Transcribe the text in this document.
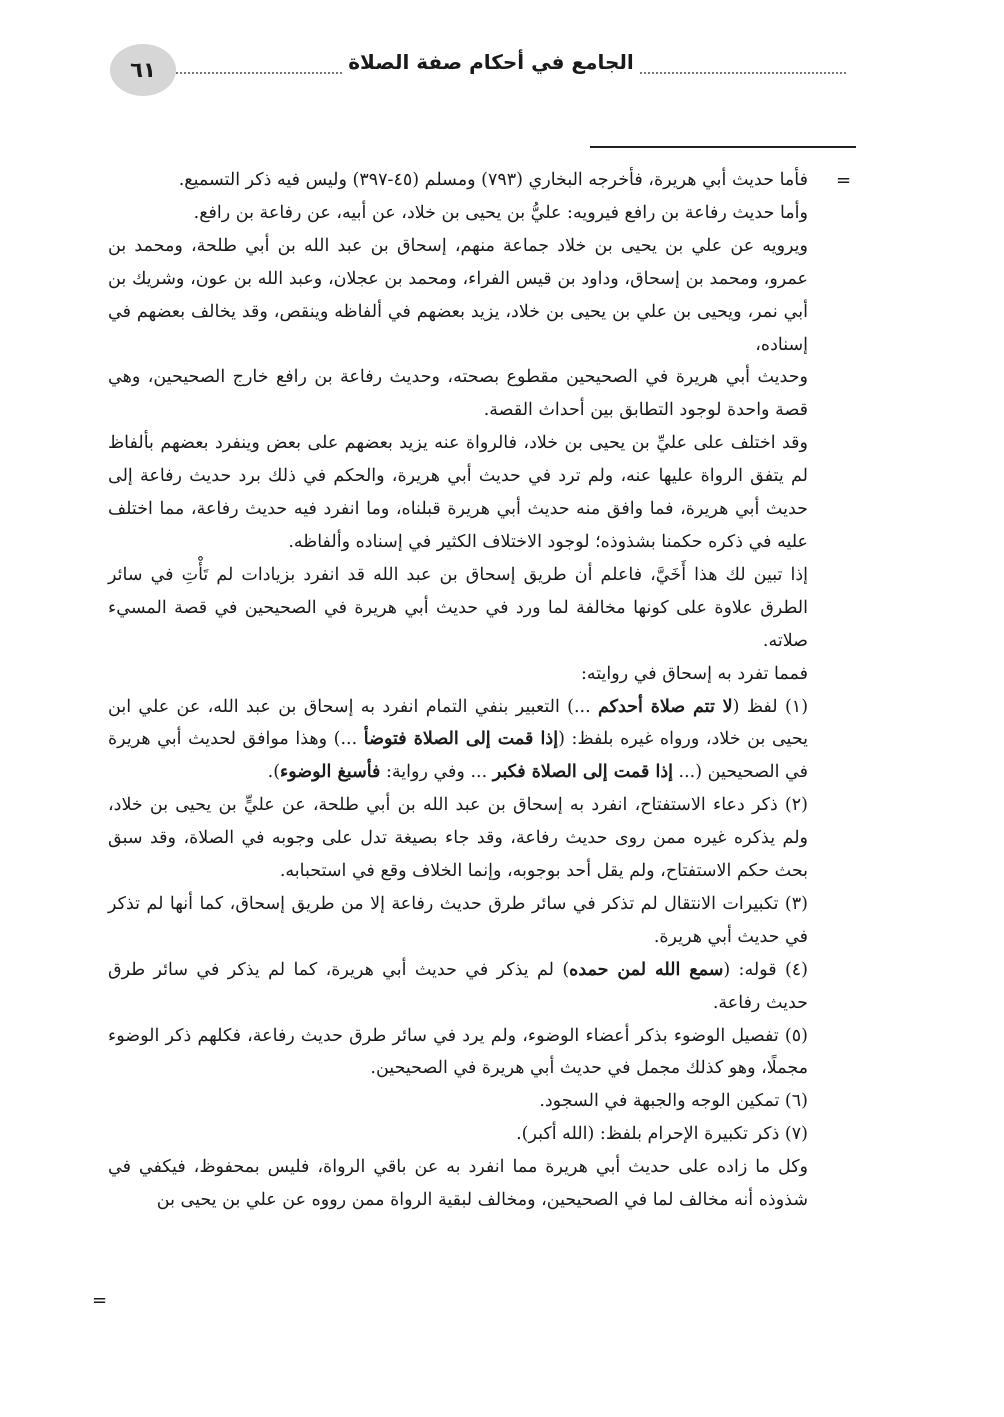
٦١	الجامع في أحكام صفة الصلاة
=

فأما حديث أبي هريرة، فأخرجه البخاري (٧٩٣) ومسلم (٤٥-٣٩٧) وليس فيه ذكر التسميع.

وأما حديث رفاعة بن رافع فيرويه: عليُّ بن يحيى بن خلاد، عن أبيه، عن رفاعة بن رافع.

ويرويه عن علي بن يحيى بن خلاد جماعة منهم، إسحاق بن عبد الله بن أبي طلحة، ومحمد بن عمرو، ومحمد بن إسحاق، وداود بن قيس الفراء، ومحمد بن عجلان، وعبد الله بن عون، وشريك بن أبي نمر، ويحيى بن علي بن يحيى بن خلاد، يزيد بعضهم في ألفاظه وينقص، وقد يخالف بعضهم في إسناده،

وحديث أبي هريرة في الصحيحين مقطوع بصحته، وحديث رفاعة بن رافع خارج الصحيحين، وهي قصة واحدة لوجود التطابق بين أحداث القصة.

وقد اختلف على عليِّ بن يحيى بن خلاد، فالرواة عنه يزيد بعضهم على بعض وينفرد بعضهم بألفاظ لم يتفق الرواة عليها عنه، ولم ترد في حديث أبي هريرة، والحكم في ذلك برد حديث رفاعة إلى حديث أبي هريرة، فما وافق منه حديث أبي هريرة قبلناه، وما انفرد فيه حديث رفاعة، مما اختلف عليه في ذكره حكمنا بشذوذه؛ لوجود الاختلاف الكثير في إسناده وألفاظه.

إذا تبين لك هذا أَخَيَّ، فاعلم أن طريق إسحاق بن عبد الله قد انفرد بزيادات لم تَأْتِ في سائر الطرق علاوة على كونها مخالفة لما ورد في حديث أبي هريرة في الصحيحين في قصة المسيء صلاته.

فمما تفرد به إسحاق في روايته:

(١) لفظ (لا تتم صلاة أحدكم ...) التعبير بنفي التمام انفرد به إسحاق بن عبد الله، عن علي ابن يحيى بن خلاد، ورواه غيره بلفظ: (إذا قمت إلى الصلاة فتوضأ ...) وهذا موافق لحديث أبي هريرة في الصحيحين (... إذا قمت إلى الصلاة فكبر ... وفي رواية: فأسبغ الوضوء).

(٢) ذكر دعاء الاستفتاح، انفرد به إسحاق بن عبد الله بن أبي طلحة، عن عليٍّ بن يحيى بن خلاد، ولم يذكره غيره ممن روى حديث رفاعة، وقد جاء بصيغة تدل على وجوبه في الصلاة، وقد سبق بحث حكم الاستفتاح، ولم يقل أحد بوجوبه، وإنما الخلاف وقع في استحبابه.

(٣) تكبيرات الانتقال لم تذكر في سائر طرق حديث رفاعة إلا من طريق إسحاق، كما أنها لم تذكر في حديث أبي هريرة.

(٤) قوله: (سمع الله لمن حمده) لم يذكر في حديث أبي هريرة، كما لم يذكر في سائر طرق حديث رفاعة.

(٥) تفصيل الوضوء بذكر أعضاء الوضوء، ولم يرد في سائر طرق حديث رفاعة، فكلهم ذكر الوضوء مجملًا، وهو كذلك مجمل في حديث أبي هريرة في الصحيحين.

(٦) تمكين الوجه والجبهة في السجود.

(٧) ذكر تكبيرة الإحرام بلفظ: (الله أكبر).

وكل ما زاده على حديث أبي هريرة مما انفرد به عن باقي الرواة، فليس بمحفوظ، فيكفي في شذوذه أنه مخالف لما في الصحيحين، ومخالف لبقية الرواة ممن رووه عن علي بن يحيى بن

=
